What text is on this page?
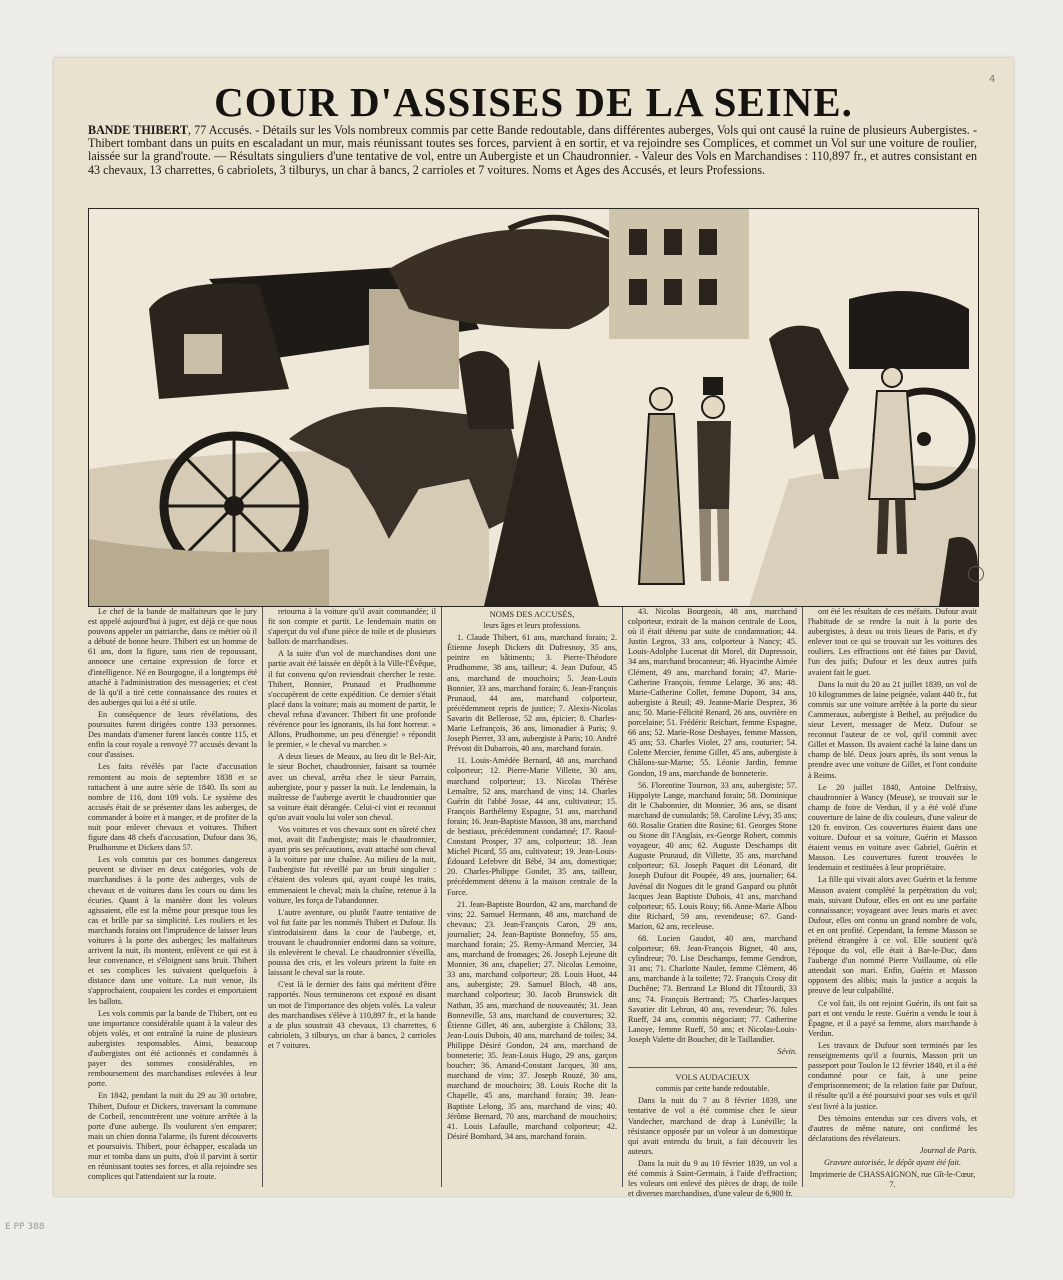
COUR D'ASSISES DE LA SEINE.
BANDE THIBERT, 77 Accusés. - Détails sur les Vols nombreux commis par cette Bande redoutable, dans différentes auberges, Vols qui ont causé la ruine de plusieurs Aubergistes. - Thibert tombant dans un puits en escaladant un mur, mais réunissant toutes ses forces, parvient à en sortir, et va rejoindre ses Complices, et commet un Vol sur une voiture de roulier, laissée sur la grand'route. — Résultats singuliers d'une tentative de vol, entre un Aubergiste et un Chaudronnier. - Valeur des Vols en Marchandises : 110,897 fr., et autres consistant en 43 chevaux, 13 charrettes, 6 cabriolets, 3 tilburys, un char à bancs, 2 carrioles et 7 voitures. Noms et Ages des Accusés, et leurs Professions.

Le chef de la bande de malfaiteurs que le jury est appelé aujourd'hui à juger, est déjà ce que nous pouvons appeler un patriarche, dans ce métier où il a débuté de bonne heure. Thibert est un homme de 61 ans, dont la figure, sans rien de repoussant, annonce une certaine expression de force et d'intelligence. Né en Bourgogne, il a longtemps été attaché à l'administration des messageries; et c'est de là qu'il a tiré cette connaissance des routes et des auberges qui lui a été si utile.

En conséquence de leurs révélations, des poursuites furent dirigées contre 133 personnes. Des mandats d'amener furent lancés contre 115, et enfin la cour royale a renvoyé 77 accusés devant la cour d'assises.

Les faits révélés par l'acte d'accusation remontent au mois de septembre 1838 et se rattachent à une autre série de 1840. Ils sont au nombre de 116, dont 109 vols. Le système des accusés était de se présenter dans les auberges, de commander à boire et à manger, et de profiter de la nuit pour enlever chevaux et voitures. Thibert figure dans 48 chefs d'accusation, Dufour dans 36, Prudhomme et Dickers dans 57.

Les vols commis par ces hommes dangereux peuvent se diviser en deux catégories, vols de marchandises à la porte des auberges, vols de chevaux et de voitures dans les cours ou dans les écuries. Quant à la manière dont les voleurs agissaient, elle est la même pour presque tous les cas et brille par sa simplicité. Les rouliers et les marchands forains ont l'imprudence de laisser leurs voitures à la porte des auberges; les malfaiteurs arrivent la nuit, ils montent, enlèvent ce qui est à leur convenance, et s'éloignent sans bruit. Thibert et ses complices les suivaient quelquefois à distance dans une voiture. La nuit venue, ils s'approchaient, coupaient les cordes et emportaient les ballots.

Les vols commis par la bande de Thibert, ont eu une importance considérable quant à la valeur des objets volés, et ont entraîné la ruine de plusieurs aubergistes responsables. Ainsi, beaucoup d'aubergistes ont été actionnés et condamnés à payer des sommes considérables, en remboursement des marchandises enlevées à leur porte.

En 1842, pendant la nuit du 29 au 30 octobre, Thibert, Dufour et Dickers, traversant la commune de Corbeil, rencontrèrent une voiture arrêtée à la porte d'une auberge. Ils voulurent s'en emparer; mais un chien donna l'alarme, ils furent découverts et poursuivis. Thibert, pour échapper, escalada un mur et tomba dans un puits, d'où il parvint à sortir en réunissant toutes ses forces, et alla rejoindre ses complices qui l'attendaient sur la route.

retourna à la voiture qu'il avait commandée; il fit son compte et partit. Le lendemain matin on s'aperçut du vol d'une pièce de toile et de plusieurs ballots de marchandises.

A la suite d'un vol de marchandises dont une partie avait été laissée en dépôt à la Ville-l'Évêque, il fut convenu qu'on reviendrait chercher le reste. Thibert, Bonnier, Prunaud et Prudhomme s'occupèrent de cette expédition. Ce dernier s'était placé dans la voiture; mais au moment de partir, le cheval refusa d'avancer. Thibert fit une profonde révérence pour les ignorants, ils lui font horreur. « Allons, Prudhomme, un peu d'énergie! » répondit le premier, « le cheval va marcher. »

A deux lieues de Meaux, au lieu dit le Bel-Air, le sieur Bochet, chaudronnier, faisant sa tournée avec un cheval, arrêta chez le sieur Parrain, aubergiste, pour y passer la nuit. Le lendemain, la maîtresse de l'auberge avertit le chaudronnier que sa voiture était dérangée. Celui-ci vint et reconnut qu'on avait voulu lui voler son cheval.

Vos voitures et vos chevaux sont en sûreté chez moi, avait dit l'aubergiste; mais le chaudronnier, ayant pris ses précautions, avait attaché son cheval à la voiture par une chaîne. Au milieu de la nuit, l'aubergiste fut réveillé par un bruit singulier : c'étaient des voleurs qui, ayant coupé les traits, emmenaient le cheval; mais la chaîne, retenue à la voiture, les força de l'abandonner.

L'autre aventure, ou plutôt l'autre tentative de vol fut faite par les nommés Thibert et Dufour. Ils s'introduisirent dans la cour de l'auberge, et, trouvant le chaudronnier endormi dans sa voiture, ils enlevèrent le cheval. Le chaudronnier s'éveilla, poussa des cris, et les voleurs prirent la fuite en laissant le cheval sur la route.

C'est là le dernier des faits qui méritent d'être rapportés. Nous terminerons cet exposé en disant un mot de l'importance des objets volés. La valeur des marchandises s'élève à 110,897 fr., et la bande a de plus soustrait 43 chevaux, 13 charrettes, 6 cabriolets, 3 tilburys, un char à bancs, 2 carrioles et 7 voitures.

NOMS DES ACCUSÉS,

leurs âges et leurs professions.

1. Claude Thibert, 61 ans, marchand forain; 2. Étienne Joseph Dickers dit Dufresnoy, 35 ans, peintre en bâtiments; 3. Pierre-Théodore Prudhomme, 38 ans, tailleur; 4. Jean Dufour, 45 ans, marchand de mouchoirs; 5. Jean-Louis Bonnier, 33 ans, marchand forain; 6. Jean-François Prunaud, 44 ans, marchand colporteur, précédemment repris de justice; 7. Alexis-Nicolas Savarin dit Bellerose, 52 ans, épicier; 8. Charles-Marie Lefrançois, 36 ans, limonadier à Paris; 9. Joseph Pierret, 33 ans, aubergiste à Paris; 10. André Prévost dit Dubarrois, 40 ans, marchand forain.

11. Louis-Amédée Bernard, 48 ans, marchand colporteur; 12. Pierre-Marie Villette, 30 ans, marchand colporteur; 13. Nicolas Thérèse Lemaître, 52 ans, marchand de vins; 14. Charles Guérin dit l'abbé Josse, 44 ans, cultivateur; 15. François Barthélemy Espagne, 51 ans, marchand forain; 16. Jean-Baptiste Masson, 38 ans, marchand de bestiaux, précédemment condamné; 17. Raoul-Constant Prosper, 37 ans, colporteur; 18. Jean Michel Picard, 55 ans, cultivateur; 19. Jean-Louis-Édouard Lefebvre dit Bébé, 34 ans, domestique; 20. Charles-Philippe Gondet, 35 ans, tailleur, précédemment détenu à la maison centrale de la Force.

21. Jean-Baptiste Bourdon, 42 ans, marchand de vins; 22. Samuel Hermann, 48 ans, marchand de chevaux; 23. Jean-François Caron, 29 ans, journalier; 24. Jean-Baptiste Bonnefoy, 55 ans, marchand forain; 25. Remy-Armand Mercier, 34 ans, marchand de fromages; 26. Joseph Lejeune dit Monnier, 36 ans, chapelier; 27. Nicolas Lemoine, 33 ans, marchand colporteur; 28. Louis Huot, 44 ans, aubergiste; 29. Samuel Bloch, 48 ans, marchand colporteur; 30. Jacob Brunswick dit Nathan, 35 ans, marchand de nouveautés; 31. Jean Bonneville, 53 ans, marchand de couvertures; 32. Étienne Gillet, 46 ans, aubergiste à Châlons; 33. Jean-Louis Dubois, 40 ans, marchand de toiles; 34. Philippe Désiré Gondon, 24 ans, marchand de bonneterie; 35. Jean-Louis Hugo, 29 ans, garçon boucher; 36. Amand-Constant Jacques, 30 ans, marchand de vins; 37. Joseph Rouzé, 30 ans, marchand de mouchoirs; 38. Louis Roche dit la Chapelle, 45 ans, marchand forain; 39. Jean-Baptiste Lelong, 35 ans, marchand de vins; 40. Jérôme Bernard, 70 ans, marchand de mouchoirs; 41. Louis Lafaulle, marchand colporteur; 42. Désiré Bombard, 34 ans, marchand forain.

43. Nicolas Bourgeois, 48 ans, marchand colporteur, extrait de la maison centrale de Loos, où il était détenu par suite de condamnation; 44. Justin Legros, 33 ans, colporteur à Nancy; 45. Louis-Adolphe Lucenat dit Morel, dit Dupressoir, 34 ans, marchand brocanteur; 46. Hyacinthe Aimée Clément, 49 ans, marchand forain; 47. Marie-Catherine François, femme Lelarge, 36 ans; 48. Marie-Catherine Collet, femme Dupont, 34 ans, aubergiste à Reuil; 49. Jeanne-Marie Desprez, 36 ans; 50. Marie-Félicité Renard, 26 ans, ouvrière en porcelaine; 51. Frédéric Reichart, femme Espagne, 66 ans; 52. Marie-Rose Deshayes, femme Masson, 45 ans; 53. Charles Violet, 27 ans, couturier; 54. Colette Mercier, femme Gillet, 45 ans, aubergiste à Châlons-sur-Marne; 55. Léonie Jardin, femme Gondon, 19 ans, marchande de bonneterie.

56. Florentine Tournon, 33 ans, aubergiste; 57. Hippolyte Lange, marchand forain; 58. Dominique dit le Chabonnier, dit Monnier, 36 ans, se disant marchand de cumulards; 59. Caroline Lévy, 35 ans; 60. Rosalie Gratien dite Rosine; 61. Georges Stone ou Stone dit l'Anglais, ex-George Robert, commis voyageur, 40 ans; 62. Auguste Deschamps dit Auguste Prunaud, dit Villette, 35 ans, marchand colporteur; 63. Joseph Paquet dit Léonard, dit Joseph Dufour dit Poupée, 49 ans, journalier; 64. Juvénal dit Nogues dit le grand Gaspard ou plutôt Jacques Jean Baptiste Dubois, 41 ans, marchand colporteur; 65. Louis Rouy; 66. Anne-Marie Albou dite Richard, 59 ans, revendeuse; 67. Gand-Marion, 62 ans, receleuse.

68. Lucien Gaudot, 40 ans, marchand colporteur; 69. Jean-François Bignet, 40 ans, cylindreur; 70. Lise Deschamps, femme Gendron, 31 ans; 71. Charlotte Naulet, femme Clément, 46 ans, marchande à la toilette; 72. François Crosy dit Duchêne; 73. Bertrand Le Blond dit l'Étourdi, 33 ans; 74. François Bertrand; 75. Charles-Jacques Savatier dit Lebrun, 40 ans, revendeur; 76. Jules Rueff, 24 ans, commis négociant; 77. Catherine Lanoye, femme Rueff, 50 ans; et Nicolas-Louis-Joseph Valette dit Boucher, dit le Taillandier.

Sévin.

VOLS AUDACIEUX

commis par cette bande redoutable.

Dans la nuit du 7 au 8 février 1839, une tentative de vol a été commise chez le sieur Vandecher, marchand de drap à Lunéville; la résistance opposée par un voleur à un domestique qui avait entendu du bruit, a fait découvrir les auteurs.

Dans la nuit du 9 au 10 février 1839, un vol a été commis à Saint-Germain, à l'aide d'effraction; les voleurs ont enlevé des pièces de drap, de toile et diverses marchandises, d'une valeur de 6,900 fr.

ont été les résultats de ces méfaits. Dufour avait l'habitude de se rendre la nuit à la porte des aubergistes, à deux ou trois lieues de Paris, et d'y enlever tout ce qui se trouvait sur les voitures des rouliers. Les effractions ont été faites par David, l'un des juifs; Dufour et les deux autres juifs avaient fait le guet.

Dans la nuit du 20 au 21 juillet 1839, un vol de 10 kilogrammes de laine peignée, valant 440 fr., fut commis sur une voiture arrêtée à la porte du sieur Cammeraux, aubergiste à Bethel, au préjudice du sieur Levert, messager de Metz. Dufour se reconnut l'auteur de ce vol, qu'il commit avec Gillet et Masson. Ils avaient caché la laine dans un champ de blé. Deux jours après, ils sont venus la prendre avec une voiture de Gillet, et l'ont conduite à Reims.

Le 20 juillet 1840, Antoine Delfraisy, chaudronnier à Wancy (Meuse), se trouvait sur le champ de foire de Verdun, il y a été volé d'une couverture de laine de dix couleurs, d'une valeur de 120 fr. environ. Ces couvertures étaient dans une voiture. Dufour et sa voiture, Guérin et Masson étaient venus en voiture avec Gabriel, Guérin et Masson. Les couvertures furent trouvées le lendemain et restituées à leur propriétaire.

La fille qui vivait alors avec Guérin et la femme Masson avaient complété la perpétration du vol; mais, suivant Dufour, elles en ont eu une parfaite connaissance; voyageant avec leurs maris et avec Dufour, elles ont connu un grand nombre de vols, et en ont profité. Cependant, la femme Masson se prétend étrangère à ce vol. Elle soutient qu'à l'époque du vol, elle était à Bar-le-Duc, dans l'auberge d'un nommé Pierre Vuillaume, où elle attendait son mari. Enfin, Guérin et Masson opposent des alibis; mais la justice a acquis la preuve de leur culpabilité.

Ce vol fait, ils ont rejoint Guérin, ils ont fait sa part et ont vendu le reste. Guérin a vendu le tout à Épagne, et il a payé sa femme, alors marchande à Verdun.

Les travaux de Dufour sont terminés par les renseignements qu'il a fournis, Masson prit un passeport pour Toulon le 12 février 1840, et il a été condamné pour ce fait, à une peine d'emprisonnement; de la relation faite par Dufour, il résulte qu'il a été poursuivi pour ses vols et qu'il s'est livré à la justice.

Des témoins entendus sur ces divers vols, et d'autres de même nature, ont confirmé les déclarations des révélateurs.

Journal de Paris.

Gravure autorisée, le dépôt ayant été fait.

Imprimerie de CHASSAIGNON, rue Gît-le-Cœur, 7.

4
E PP 388
